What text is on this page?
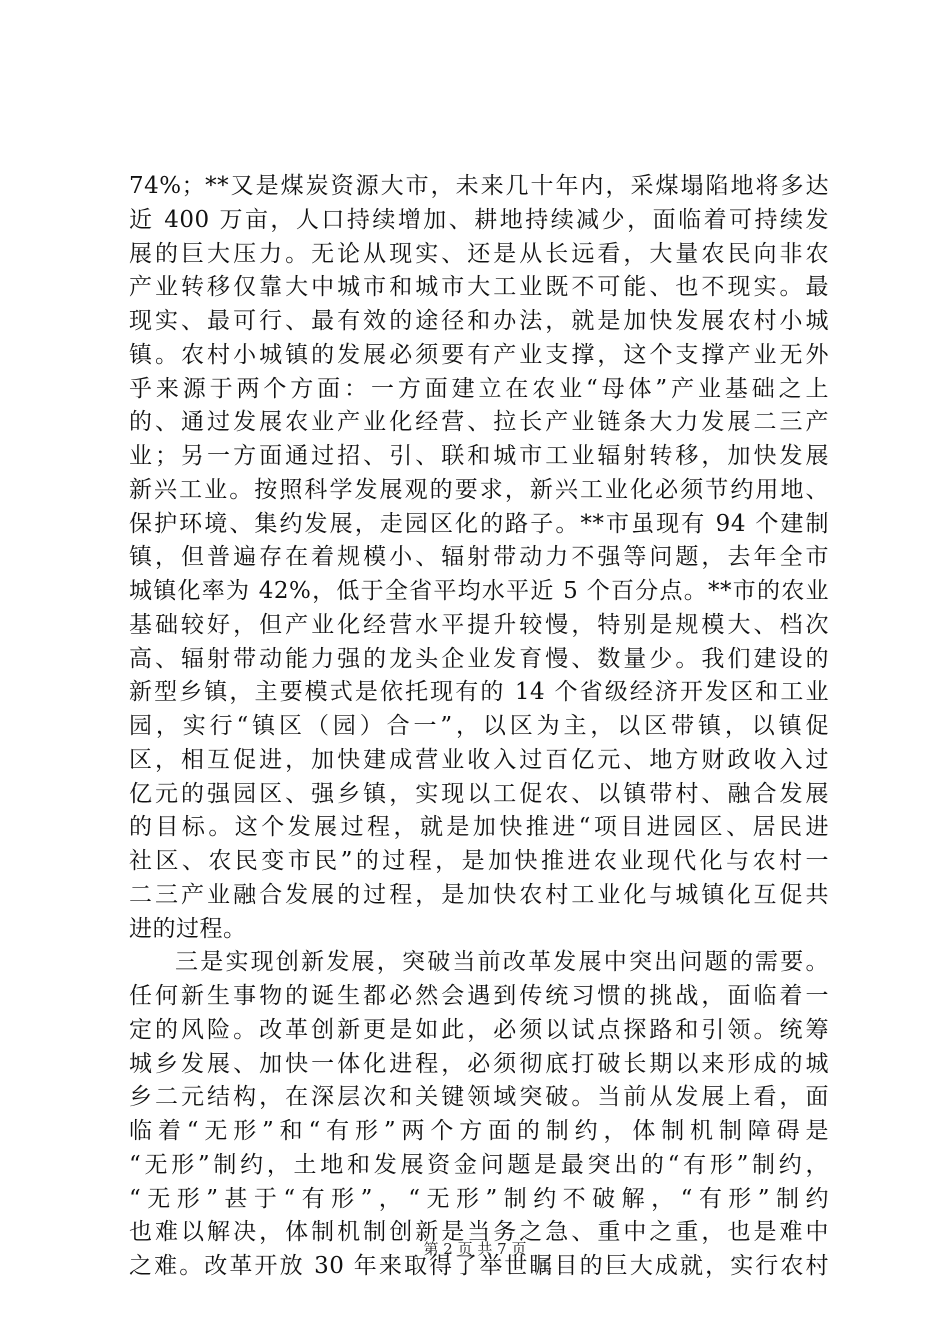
74%；**又是煤炭资源大市，未来几十年内，采煤塌陷地将多达
近 400 万亩，人口持续增加、耕地持续减少，面临着可持续发
展的巨大压力。无论从现实、还是从长远看，大量农民向非农
产业转移仅靠大中城市和城市大工业既不可能、也不现实。最
现实、最可行、最有效的途径和办法，就是加快发展农村小城
镇。农村小城镇的发展必须要有产业支撑，这个支撑产业无外
乎来源于两个方面：一方面建立在农业“母体”产业基础之上
的、通过发展农业产业化经营、拉长产业链条大力发展二三产
业；另一方面通过招、引、联和城市工业辐射转移，加快发展
新兴工业。按照科学发展观的要求，新兴工业化必须节约用地、
保护环境、集约发展，走园区化的路子。**市虽现有 94 个建制
镇，但普遍存在着规模小、辐射带动力不强等问题，去年全市
城镇化率为 42%，低于全省平均水平近 5 个百分点。**市的农业
基础较好，但产业化经营水平提升较慢，特别是规模大、档次
高、辐射带动能力强的龙头企业发育慢、数量少。我们建设的
新型乡镇，主要模式是依托现有的 14 个省级经济开发区和工业
园，实行“镇区（园）合一”，以区为主，以区带镇，以镇促
区，相互促进，加快建成营业收入过百亿元、地方财政收入过
亿元的强园区、强乡镇，实现以工促农、以镇带村、融合发展
的目标。这个发展过程，就是加快推进“项目进园区、居民进
社区、农民变市民”的过程，是加快推进农业现代化与农村一
二三产业融合发展的过程，是加快农村工业化与城镇化互促共
进的过程。
三是实现创新发展，突破当前改革发展中突出问题的需要。
任何新生事物的诞生都必然会遇到传统习惯的挑战，面临着一
定的风险。改革创新更是如此，必须以试点探路和引领。统筹
城乡发展、加快一体化进程，必须彻底打破长期以来形成的城
乡二元结构，在深层次和关键领域突破。当前从发展上看，面
临着“无形”和“有形”两个方面的制约，体制机制障碍是
“无形”制约，土地和发展资金问题是最突出的“有形”制约，
“无形”甚于“有形”，“无形”制约不破解，“有形”制约
也难以解决，体制机制创新是当务之急、重中之重，也是难中
之难。改革开放 30 年来取得了举世瞩目的巨大成就，实行农村
第 2 页 共 7 页
